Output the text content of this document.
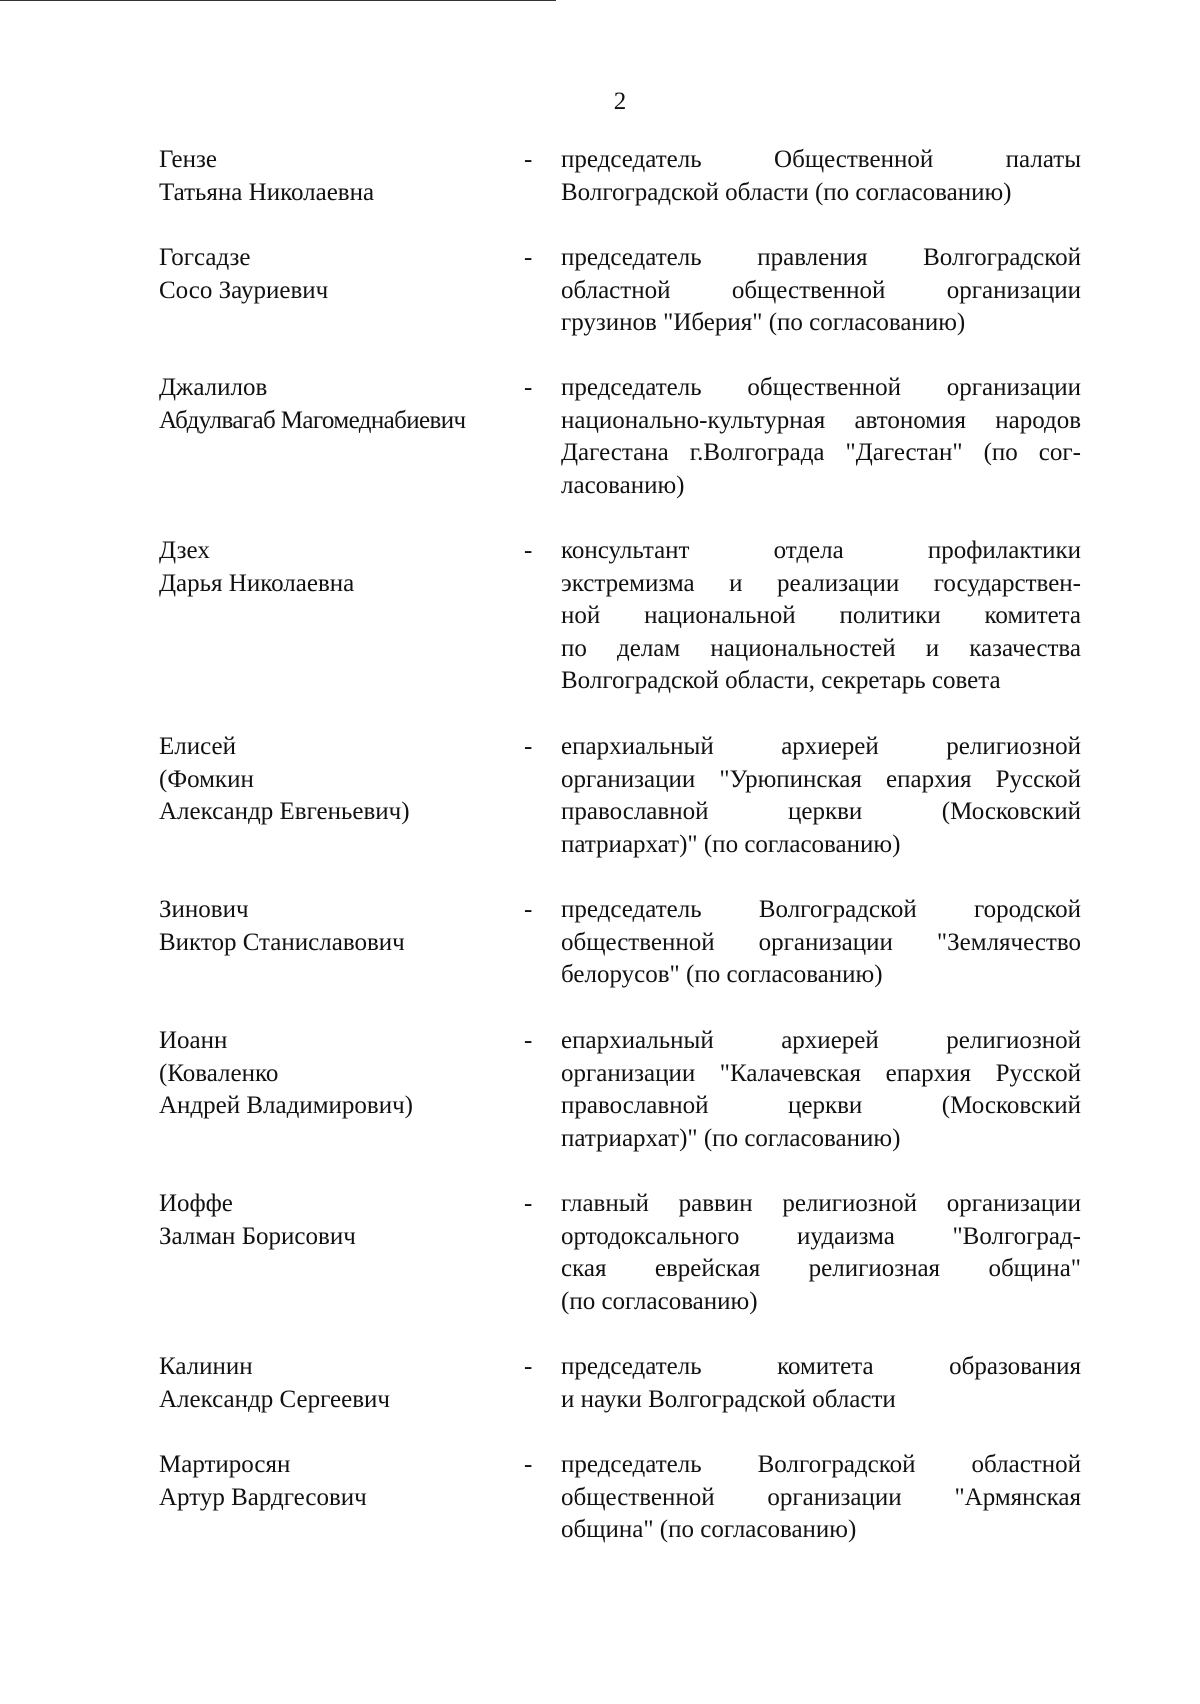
2
Гензе
Татьяна Николаевна
- председатель Общественной палаты
Волгоградской области (по согласованию)
Гогсадзе
Сосо Зауриевич
- председатель правления Волгоградской
областной общественной организации
грузинов "Иберия" (по согласованию)
Джалилов
Абдулвагаб Магомеднабиевич
- председатель общественной организации
национально-культурная автономия народов
Дагестана г.Волгограда "Дагестан" (по сог-
ласованию)
Дзех
Дарья Николаевна
- консультант отдела профилактики
экстремизма и реализации государствен-
ной национальной политики комитета
по делам национальностей и казачества
Волгоградской области, секретарь совета
Елисей
(Фомкин
Александр Евгеньевич)
- епархиальный архиерей религиозной
организации "Урюпинская епархия Русской
православной церкви (Московский
патриархат)" (по согласованию)
Зинович
Виктор Станиславович
- председатель Волгоградской городской
общественной организации "Землячество
белорусов" (по согласованию)
Иоанн
(Коваленко
Андрей Владимирович)
- епархиальный архиерей религиозной
организации "Калачевская епархия Русской
православной церкви (Московский
патриархат)" (по согласованию)
Иоффе
Залман Борисович
- главный раввин религиозной организации
ортодоксального иудаизма "Волгоград-
ская еврейская религиозная община"
(по согласованию)
Калинин
Александр Сергеевич
- председатель комитета образования
и науки Волгоградской области
Мартиросян
Артур Вардгесович
- председатель Волгоградской областной
общественной организации "Армянская
община" (по согласованию)
